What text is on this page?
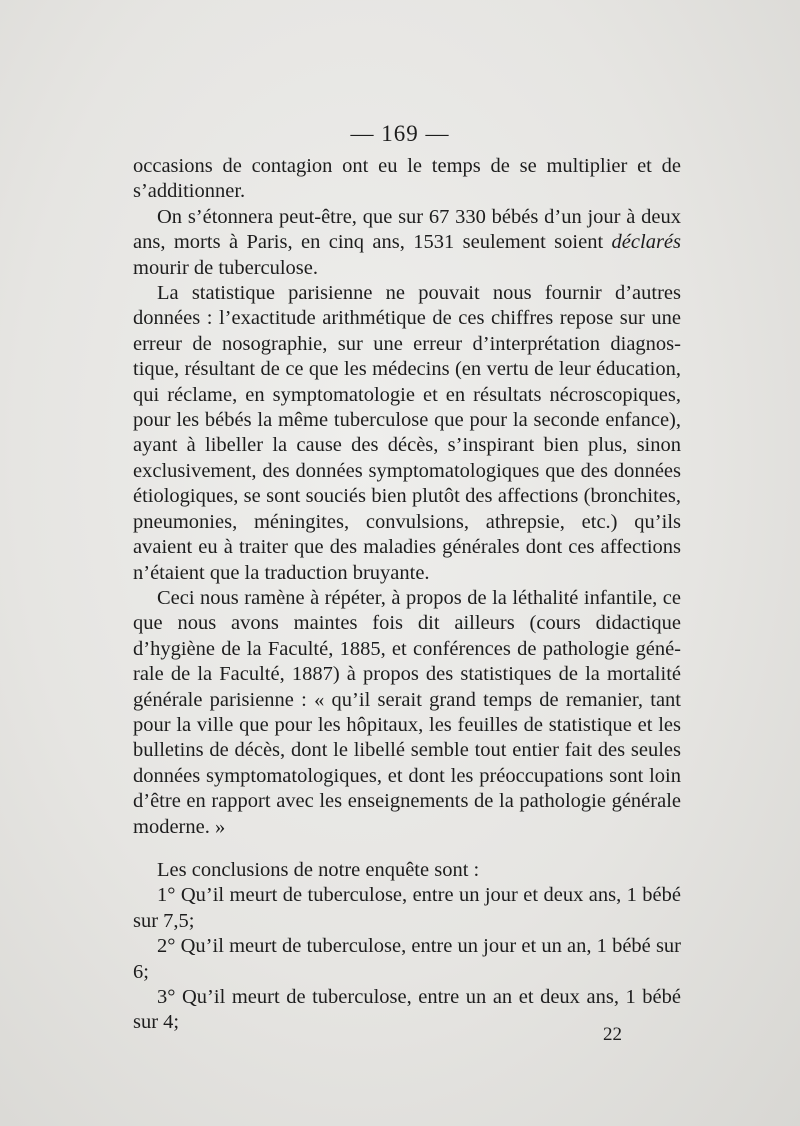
— 169 —

occasions de contagion ont eu le temps de se multiplier et de s’additionner.

On s’étonnera peut-être, que sur 67 330 bébés d’un jour à deux ans, morts à Paris, en cinq ans, 1531 seulement soient déclarés mourir de tuberculose.

La statistique parisienne ne pouvait nous fournir d’autres données : l’exactitude arithmétique de ces chiffres repose sur une erreur de nosographie, sur une erreur d’interprétation diagnostique, résultant de ce que les médecins (en vertu de leur éducation, qui réclame, en symptomatologie et en résultats nécroscopiques, pour les bébés la même tuberculose que pour la seconde enfance), ayant à libeller la cause des décès, s’inspirant bien plus, sinon exclusivement, des données symptomatologiques que des données étiologiques, se sont souciés bien plutôt des affections (bronchites, pneumonies, méningites, convulsions, athrepsie, etc.) qu’ils avaient eu à traiter que des maladies générales dont ces affections n’étaient que la traduction bruyante.

Ceci nous ramène à répéter, à propos de la léthalité infantile, ce que nous avons maintes fois dit ailleurs (cours didactique d’hygiène de la Faculté, 1885, et conférences de pathologie générale de la Faculté, 1887) à propos des statistiques de la mortalité générale parisienne : « qu’il serait grand temps de remanier, tant pour la ville que pour les hôpitaux, les feuilles de statistique et les bulletins de décès, dont le libellé semble tout entier fait des seules données symptomatologiques, et dont les préoccupations sont loin d’être en rapport avec les enseignements de la pathologie générale moderne. »

Les conclusions de notre enquête sont :

1° Qu’il meurt de tuberculose, entre un jour et deux ans, 1 bébé sur 7,5;

2° Qu’il meurt de tuberculose, entre un jour et un an, 1 bébé sur 6;

3° Qu’il meurt de tuberculose, entre un an et deux ans, 1 bébé sur 4;

22
